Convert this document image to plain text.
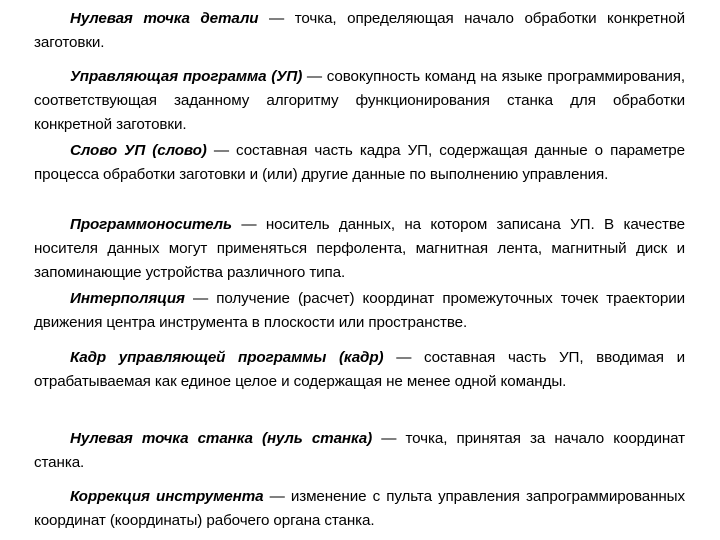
Нулевая точка детали — точка, определяющая начало обработки конкретной заготовки.

Управляющая программа (УП) — совокупность команд на языке программирования, соответствующая заданному алгоритму функционирования станка для обработки конкретной заготовки.

Слово УП (слово) — составная часть кадра УП, содержащая данные о параметре процесса обработки заготовки и (или) другие данные по выполнению управления.

Программоноситель — носитель данных, на котором записана УП. В качестве носителя данных могут применяться перфолента, магнитная лента, магнитный диск и запоминающие устройства различного типа.

Интерполяция — получение (расчет) координат промежуточных точек траектории движения центра инструмента в плоскости или пространстве.

Кадр управляющей программы (кадр) — составная часть УП, вводимая и отрабатываемая как единое целое и содержащая не менее одной команды.

Нулевая точка станка (нуль станка) — точка, принятая за начало координат станка.

Коррекция инструмента — изменение с пульта управления запрограммированных координат (координаты) рабочего органа станка.
